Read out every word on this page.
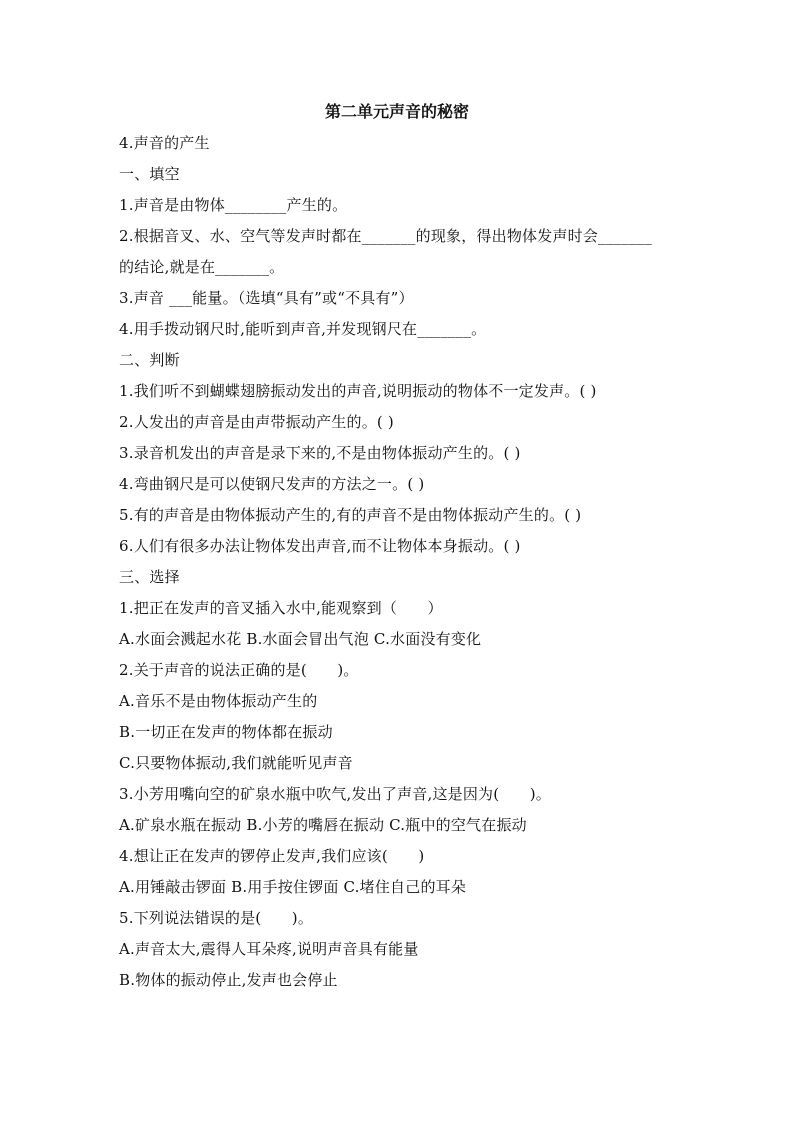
第二单元声音的秘密
4.声音的产生
一、填空
1.声音是由物体________产生的。
2.根据音叉、水、空气等发声时都在_______的现象，得出物体发声时会_______
的结论,就是在_______。
3.声音 ___能量。（选填“具有”或“不具有”）
4.用手拨动钢尺时,能听到声音,并发现钢尺在_______。
二、判断
1.我们听不到蝴蝶翅膀振动发出的声音,说明振动的物体不一定发声。( )
2.人发出的声音是由声带振动产生的。( )
3.录音机发出的声音是录下来的,不是由物体振动产生的。( )
4.弯曲钢尺是可以使钢尺发声的方法之一。( )
5.有的声音是由物体振动产生的,有的声音不是由物体振动产生的。( )
6.人们有很多办法让物体发出声音,而不让物体本身振动。( )
三、选择
1.把正在发声的音叉插入水中,能观察到（　　）
A.水面会溅起水花 B.水面会冒出气泡 C.水面没有变化
2.关于声音的说法正确的是(　　)。
A.音乐不是由物体振动产生的
B.一切正在发声的物体都在振动
C.只要物体振动,我们就能听见声音
3.小芳用嘴向空的矿泉水瓶中吹气,发出了声音,这是因为(　　)。
A.矿泉水瓶在振动 B.小芳的嘴唇在振动 C.瓶中的空气在振动
4.想让正在发声的锣停止发声,我们应该(　　)
A.用锤敲击锣面 B.用手按住锣面 C.堵住自己的耳朵
5.下列说法错误的是(　　)。
A.声音太大,震得人耳朵疼,说明声音具有能量
B.物体的振动停止,发声也会停止
